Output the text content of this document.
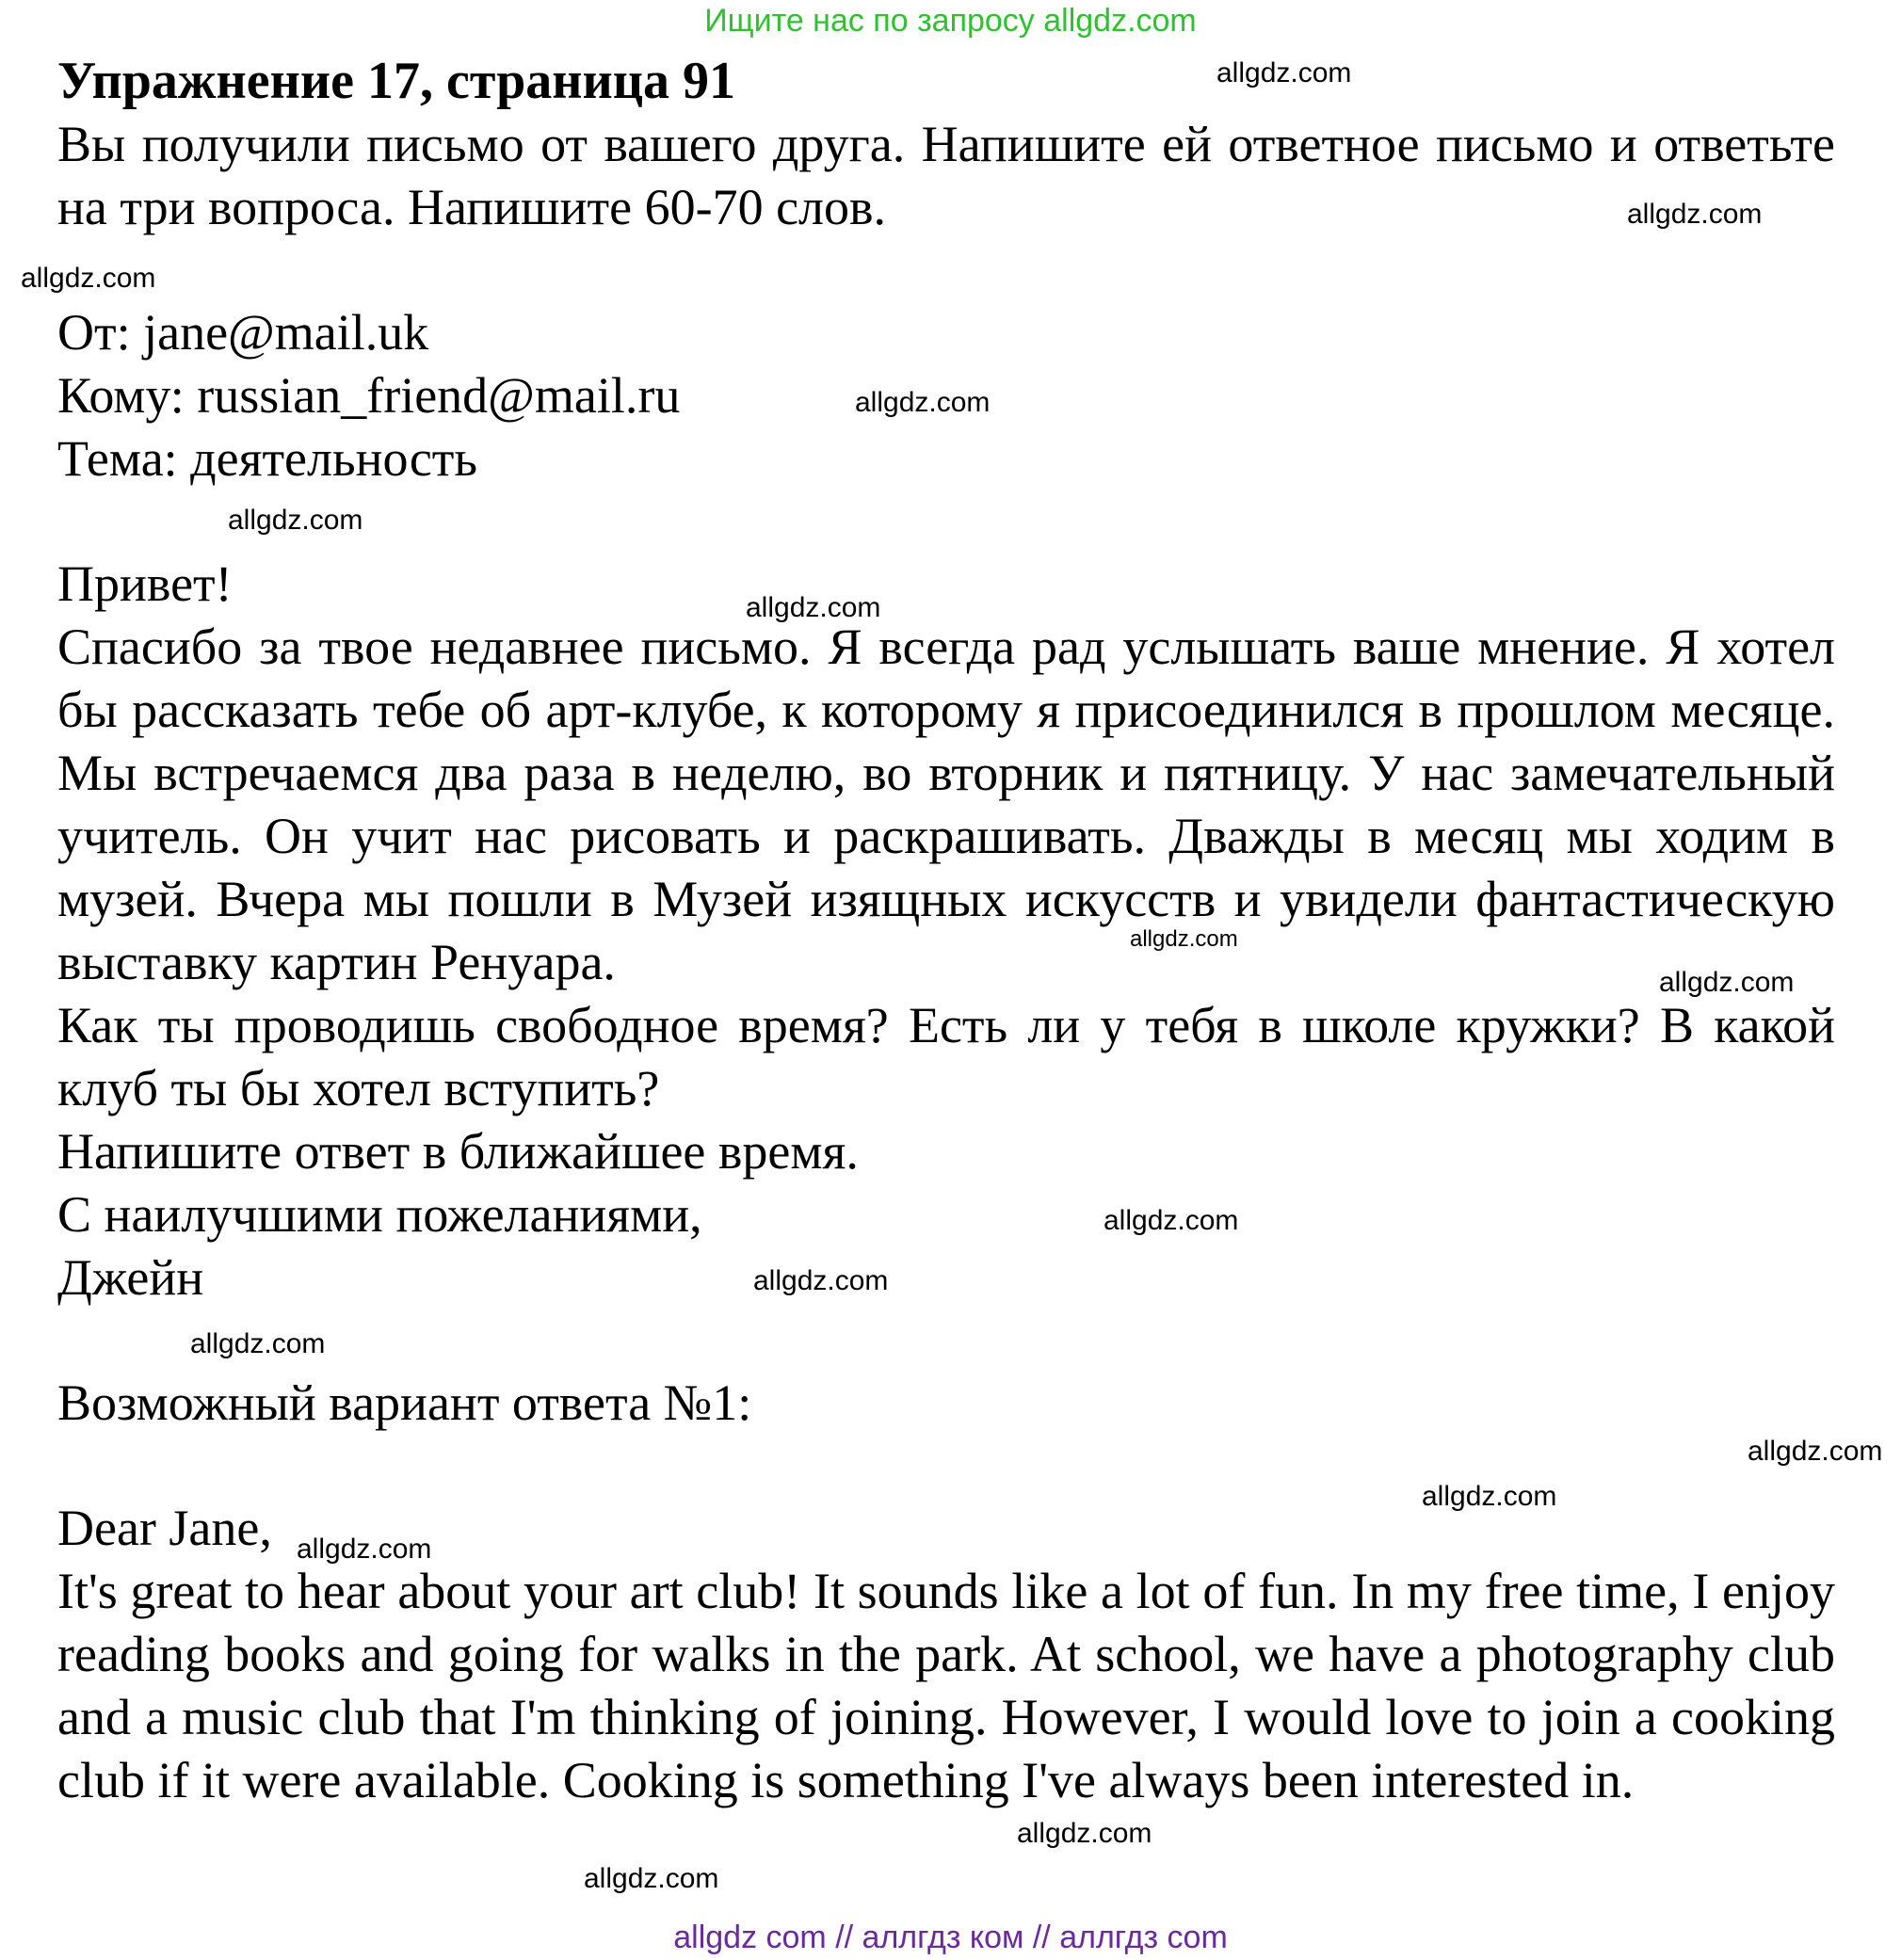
Ищите нас по запросу allgdz.com

Упражнение 17, страница 91

Вы получили письмо от вашего друга. Напишите ей ответное письмо и ответьте на три вопроса. Напишите 60-70 слов.

От: jane@mail.uk

Кому: russian_friend@mail.ru

Тема: деятельность

Привет!

Спасибо за твое недавнее письмо. Я всегда рад услышать ваше мнение. Я хотел бы рассказать тебе об арт-клубе, к которому я присоединился в прошлом месяце. Мы встречаемся два раза в неделю, во вторник и пятницу. У нас замечательный учитель. Он учит нас рисовать и раскрашивать. Дважды в месяц мы ходим в музей. Вчера мы пошли в Музей изящных искусств и увидели фантастическую выставку картин Ренуара.

Как ты проводишь свободное время? Есть ли у тебя в школе кружки? В какой клуб ты бы хотел вступить?

Напишите ответ в ближайшее время.

С наилучшими пожеланиями,

Джейн

Возможный вариант ответа №1:

Dear Jane,

It's great to hear about your art club! It sounds like a lot of fun. In my free time, I enjoy reading books and going for walks in the park. At school, we have a photography club and a music club that I'm thinking of joining. However, I would love to join a cooking club if it were available. Cooking is something I've always been interested in.

allgdz.com
allgdz.com
allgdz.com
allgdz.com
allgdz.com
allgdz.com
allgdz.com
allgdz.com
allgdz.com
allgdz.com
allgdz.com
allgdz.com
allgdz.com
allgdz.com
allgdz.com
allgdz.com
allgdz com // аллгдз ком // аллгдз com
